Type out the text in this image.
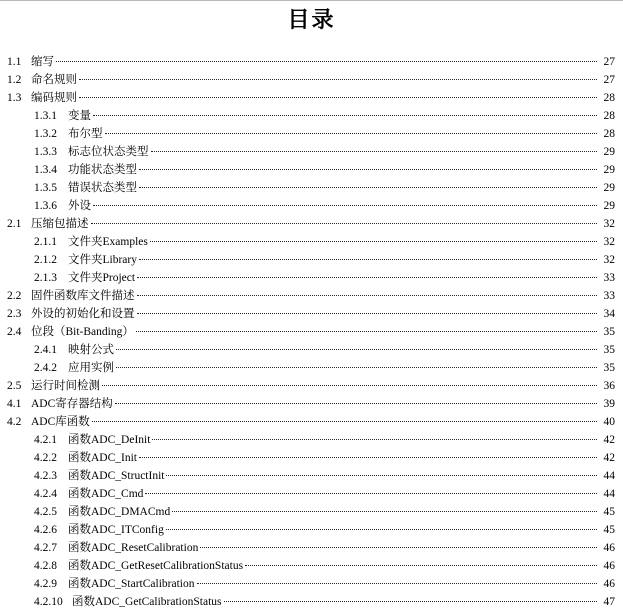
目录
1.1 缩写	27
1.2 命名规则	27
1.3 编码规则	28
1.3.1 变量	28
1.3.2 布尔型	28
1.3.3 标志位状态类型	29
1.3.4 功能状态类型	29
1.3.5 错误状态类型	29
1.3.6 外设	29
2.1 压缩包描述	32
2.1.1 文件夹Examples	32
2.1.2 文件夹Library	32
2.1.3 文件夹Project	33
2.2 固件函数库文件描述	33
2.3 外设的初始化和设置	34
2.4 位段（Bit-Banding）	35
2.4.1 映射公式	35
2.4.2 应用实例	35
2.5 运行时间检测	36
4.1 ADC寄存器结构	39
4.2 ADC库函数	40
4.2.1 函数ADC_DeInit	42
4.2.2 函数ADC_Init	42
4.2.3 函数ADC_StructInit	44
4.2.4 函数ADC_Cmd	44
4.2.5 函数ADC_DMACmd	45
4.2.6 函数ADC_ITConfig	45
4.2.7 函数ADC_ResetCalibration	46
4.2.8 函数ADC_GetResetCalibrationStatus	46
4.2.9 函数ADC_StartCalibration	46
4.2.10 函数ADC_GetCalibrationStatus	47
